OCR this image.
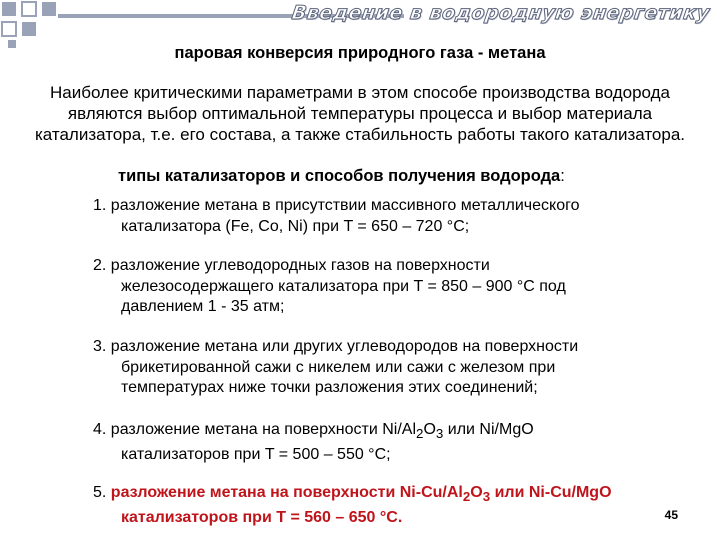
Введение в водородную энергетику
паровая конверсия природного газа - метана
Наиболее критическими параметрами в этом способе производства водорода
являются выбор оптимальной температуры процесса и выбор материала
катализатора, т.е. его состава, а также стабильность работы такого катализатора.
типы катализаторов и способов получения водорода:
1. разложение метана в присутствии массивного металлического
катализатора (Fe, Co, Ni) при T = 650 – 720 °C;
2. разложение углеводородных газов на поверхности
железосодержащего катализатора при T = 850 – 900 °C под
давлением 1 - 35 атм;
3. разложение метана или других углеводородов на поверхности
брикетированной сажи с никелем или сажи с железом при
температурах ниже точки разложения этих соединений;
4. разложение метана на поверхности $Ni/Al_2O_3$ или Ni/MgO
катализаторов при T = 500 – 550 °C;
5. разложение метана на поверхности $Ni-Cu/Al_2O_3$ или Ni-Cu/MgO
катализаторов при T = 560 – 650 °C.	45
